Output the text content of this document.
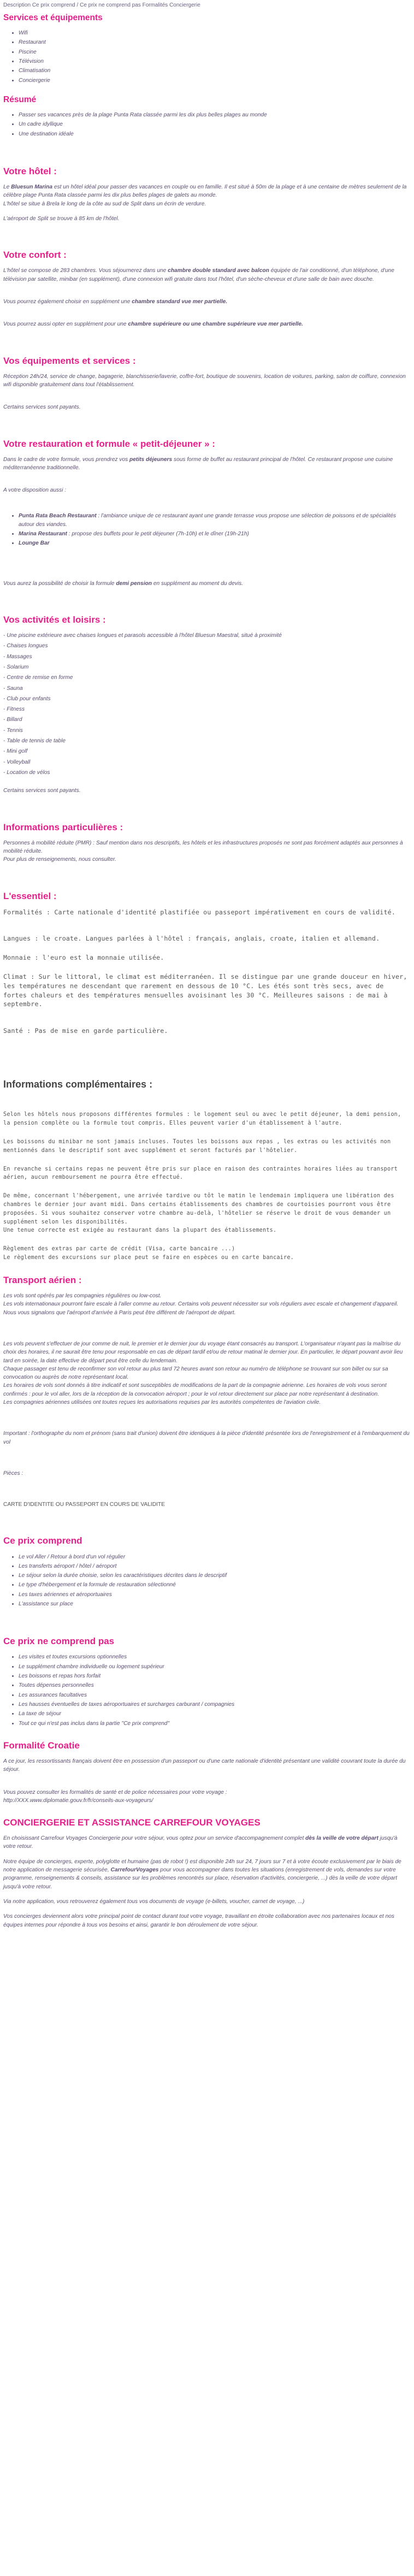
Description Ce prix comprend / Ce prix ne comprend pas Formalités Conciergerie
Services et équipements
• Wifi
• Restaurant
• Piscine
• Télévision
• Climatisation
• Conciergerie
Résumé
• Passer ses vacances près de la plage Punta Rata classée parmi les dix plus belles plages au monde
• Un cadre idyllique
• Une destination idéale
Votre hôtel :

Le Bluesun Marina est un hôtel idéal pour passer des vacances en couple ou en famille. Il est situé à 50m de la plage et à une centaine de mètres seulement de la célèbre plage Punta Rata classée parmi les dix plus belles plages de galets au monde.
L'hôtel se situe à Brela le long de la côte au sud de Split dans un écrin de verdure.

L'aéroport de Split se trouve à 85 km de l'hôtel.

Votre confort :

L'hôtel se compose de 283 chambres. Vous séjournerez dans une chambre double standard avec balcon équipée de l'air conditionné, d'un téléphone, d'une télévision par satellite, minibar (en supplément), d'une connexion wifi gratuite dans tout l'hôtel, d'un sèche-cheveux et d'une salle de bain avec douche.

Vous pourrez également choisir en supplément une chambre standard vue mer partielle.

Vous pourrez aussi opter en supplément pour une chambre supérieure ou une chambre supérieure vue mer partielle.

Vos équipements et services :

Réception 24h/24, service de change, bagagerie, blanchisserie/laverie, coffre-fort, boutique de souvenirs, location de voitures, parking, salon de coiffure, connexion wifi disponible gratuitement dans tout l'établissement.

Certains services sont payants.

Votre restauration et formule « petit-déjeuner » :

Dans le cadre de votre formule, vous prendrez vos petits déjeuners sous forme de buffet au restaurant principal de l'hôtel. Ce restaurant propose une cuisine méditerranéenne traditionnelle.

A votre disposition aussi :

• Punta Rata Beach Restaurant : l'ambiance unique de ce restaurant ayant une grande terrasse vous propose une sélection de poissons et de spécialités autour des viandes.
• Marina Restaurant : propose des buffets pour le petit déjeuner (7h-10h) et le dîner (19h-21h)
• Lounge Bar

Vous aurez la possibilité de choisir la formule demi pension en supplément au moment du devis.

Vos activités et loisirs :

- Une piscine extérieure avec chaises longues et parasols accessible à l'hôtel Bluesun Maestral, situé à proximité

- Chaises longues

- Massages

- Solarium

- Centre de remise en forme

- Sauna

- Club pour enfants

- Fitness

- Billard

- Tennis

- Table de tennis de table

- Mini golf

- Volleyball

- Location de vélos

Certains services sont payants.

Informations particulières :

Personnes à mobilité réduite (PMR) : Sauf mention dans nos descriptifs, les hôtels et les infrastructures proposés ne sont pas forcément adaptés aux personnes à mobilité réduite.
Pour plus de renseignements, nous consulter.

L'essentiel :

Formalités : Carte nationale d'identité plastifiée ou passeport impérativement en cours de validité.

Langues : le croate. Langues parlées à l'hôtel : français, anglais, croate, italien et allemand.

Monnaie : l'euro est la monnaie utilisée.

Climat : Sur le littoral, le climat est méditerranéen. Il se distingue par une grande douceur en hiver, les températures ne descendant que rarement en dessous de 10 °C. Les étés sont très secs, avec de fortes chaleurs et des températures mensuelles avoisinant les 30 °C. Meilleures saisons : de mai à septembre.

Santé : Pas de mise en garde particulière.

Informations complémentaires :

Selon les hôtels nous proposons différentes formules : le logement seul ou avec le petit déjeuner, la demi pension, la pension complète ou la formule tout compris. Elles peuvent varier d'un établissement à l'autre.

Les boissons du minibar ne sont jamais incluses. Toutes les boissons aux repas , les extras ou les activités non mentionnés dans le descriptif sont avec supplément et seront facturés par l'hôtelier.

En revanche si certains repas ne peuvent être pris sur place en raison des contraintes horaires liées au transport aérien, aucun remboursement ne pourra être effectué.

De même, concernant l'hébergement, une arrivée tardive ou tôt le matin le lendemain impliquera une libération des chambres le dernier jour avant midi. Dans certains établissements des chambres de courtoisies pourront vous être proposées. Si vous souhaitez conserver votre chambre au-delà, l'hôtelier se réserve le droit de vous demander un supplément selon les disponibilités.
Une tenue correcte est exigée au restaurant dans la plupart des établissements.

Règlement des extras par carte de crédit (Visa, carte bancaire ...)
Le règlement des excursions sur place peut se faire en espèces ou en carte bancaire.

Transport aérien :

Les vols sont opérés par les compagnies régulières ou low-cost.
Les vols internationaux pourront faire escale à l'aller comme au retour. Certains vols peuvent nécessiter sur vols réguliers avec escale et changement d'appareil. Nous vous signalons que l'aéroport d'arrivée à Paris peut être différent de l'aéroport de départ.

Les vols peuvent s'effectuer de jour comme de nuit, le premier et le dernier jour du voyage étant consacrés au transport. L'organisateur n'ayant pas la maîtrise du choix des horaires, il ne saurait être tenu pour responsable en cas de départ tardif et/ou de retour matinal le dernier jour. En particulier, le départ pouvant avoir lieu tard en soirée, la date effective de départ peut être celle du lendemain.
Chaque passager est tenu de reconfirmer son vol retour au plus tard 72 heures avant son retour au numéro de téléphone se trouvant sur son billet ou sur sa convocation ou auprès de notre représentant local.
Les horaires de vols sont donnés à titre indicatif et sont susceptibles de modifications de la part de la compagnie aérienne. Les horaires de vols vous seront confirmés : pour le vol aller, lors de la réception de la convocation aéroport ; pour le vol retour directement sur place par notre représentant à destination.
Les compagnies aériennes utilisées ont toutes reçues les autorisations requises par les autorités compétentes de l'aviation civile.

Important : l'orthographe du nom et prénom (sans trait d'union) doivent être identiques à la pièce d'identité présentée lors de l'enregistrement et à l'embarquement du vol

Pièces :

CARTE D'IDENTITE OU PASSEPORT EN COURS DE VALIDITE

Ce prix comprend
• Le vol Aller / Retour à bord d'un vol régulier
• Les transferts aéroport / hôtel / aéroport
• Le séjour selon la durée choisie, selon les caractéristiques décrites dans le descriptif
• Le type d'hébergement et la formule de restauration sélectionné
• Les taxes aériennes et aéroportuaires
• L'assistance sur place
Ce prix ne comprend pas
• Les visites et toutes excursions optionnelles
• Le supplément chambre individuelle ou logement supérieur
• Les boissons et repas hors forfait
• Toutes dépenses personnelles
• Les assurances facultatives
• Les hausses éventuelles de taxes aéroportuaires et surcharges carburant / compagnies
• La taxe de séjour
• Tout ce qui n'est pas inclus dans la partie "Ce prix comprend"
Formalité Croatie

A ce jour, les ressortissants français doivent être en possession d'un passeport ou d'une carte nationale d'identité présentant une validité couvrant toute la durée du séjour.

Vous pouvez consulter les formalités de santé et de police nécessaires pour votre voyage :
http://XXX.www.diplomatie.gouv.fr/fr/conseils-aux-voyageurs/

CONCIERGERIE ET ASSISTANCE CARREFOUR VOYAGES

En choisissant Carrefour Voyages Conciergerie pour votre séjour, vous optez pour un service d'accompagnement complet dès la veille de votre départ jusqu'à votre retour.

Notre équipe de concierges, experte, polyglotte et humaine (pas de robot !) est disponible 24h sur 24, 7 jours sur 7 et à votre écoute exclusivement par le biais de notre application de messagerie sécurisée, CarrefourVoyages pour vous accompagner dans toutes les situations (enregistrement de vols, demandes sur votre programme, renseignements & conseils, assistance sur les problèmes rencontrés sur place, réservation d'activités, conciergerie, ...) dès la veille de votre départ jusqu'à votre retour.

Via notre application, vous retrouverez également tous vos documents de voyage (e-billets, voucher, carnet de voyage, ...)

Vos concierges deviennent alors votre principal point de contact durant tout votre voyage, travaillant en étroite collaboration avec nos partenaires locaux et nos équipes internes pour répondre à tous vos besoins et ainsi, garantir le bon déroulement de votre séjour.
